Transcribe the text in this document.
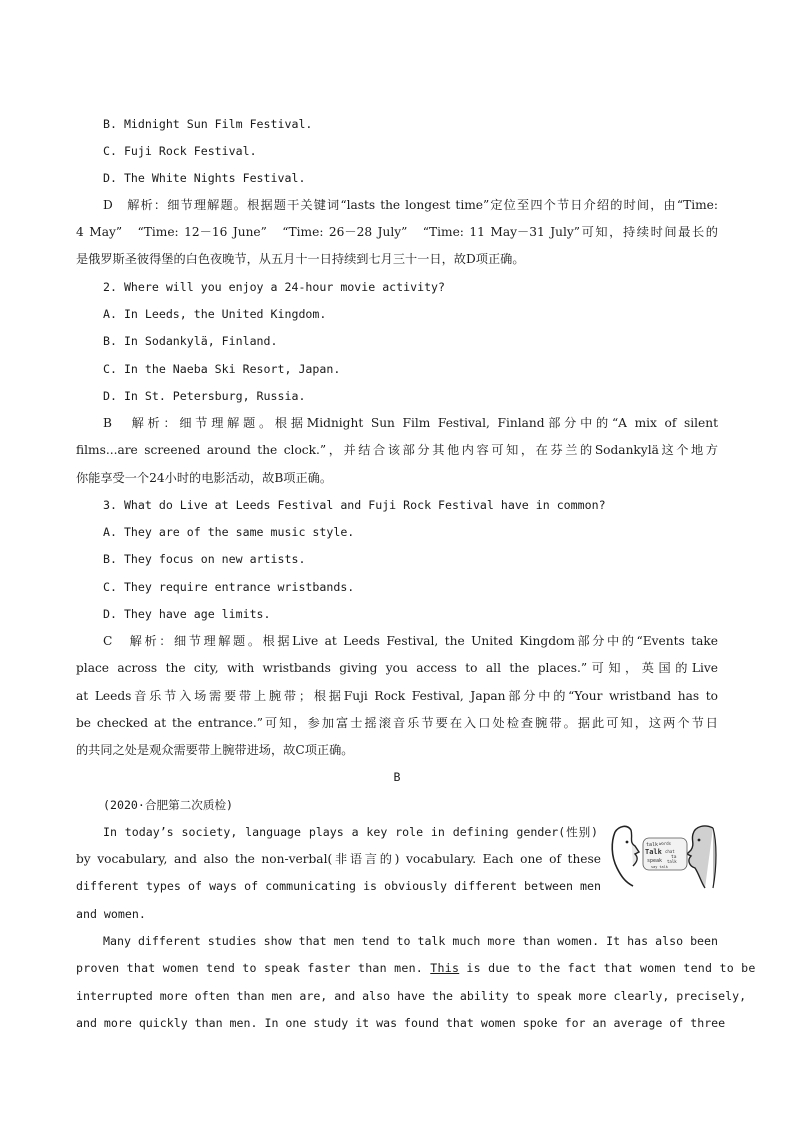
B. Midnight Sun Film Festival.
C. Fuji Rock Festival.
D. The White Nights Festival.
D　解析：细节理解题。根据题干关键词“lasts the longest time”定位至四个节日介绍的时间，由“Time:
4 May”　“Time: 12－16 June”　“Time: 26－28 July”　“Time: 11 May－31 July”可知，持续时间最长的
是俄罗斯圣彼得堡的白色夜晚节，从五月十一日持续到七月三十一日，故D项正确。
2. Where will you enjoy a 24-hour movie activity?
A. In Leeds, the United Kingdom.
B. In Sodankylä, Finland.
C. In the Naeba Ski Resort, Japan.
D. In St. Petersburg, Russia.
B　解析：细节理解题。根据Midnight Sun Film Festival, Finland部分中的“A mix of silent
films...are screened around the clock.”，并结合该部分其他内容可知，在芬兰的Sodankylä这个地方
你能享受一个24小时的电影活动，故B项正确。
3. What do Live at Leeds Festival and Fuji Rock Festival have in common?
A. They are of the same music style.
B. They focus on new artists.
C. They require entrance wristbands.
D. They have age limits.
C　解析：细节理解题。根据Live at Leeds Festival, the United Kingdom部分中的“Events take
place across the city, with wristbands giving you access to all the places.”可知，英国的Live
at Leeds音乐节入场需要带上腕带；根据Fuji Rock Festival, Japan部分中的“Your wristband has to
be checked at the entrance.”可知，参加富士摇滚音乐节要在入口处检查腕带。据此可知，这两个节日
的共同之处是观众需要带上腕带进场，故C项正确。
B
(2020·合肥第二次质检)
In today’s society, language plays a key role in defining gender(性别)
by vocabulary, and also the non-verbal(非语言的) vocabulary. Each one of these
different types of ways of communicating is obviously different between men
and women.
talk words
Talk chat
speak talk
say talk
ta
Many different studies show that men tend to talk much more than women. It has also been
proven that women tend to speak faster than men. This is due to the fact that women tend to be
interrupted more often than men are, and also have the ability to speak more clearly, precisely,
and more quickly than men. In one study it was found that women spoke for an average of three
